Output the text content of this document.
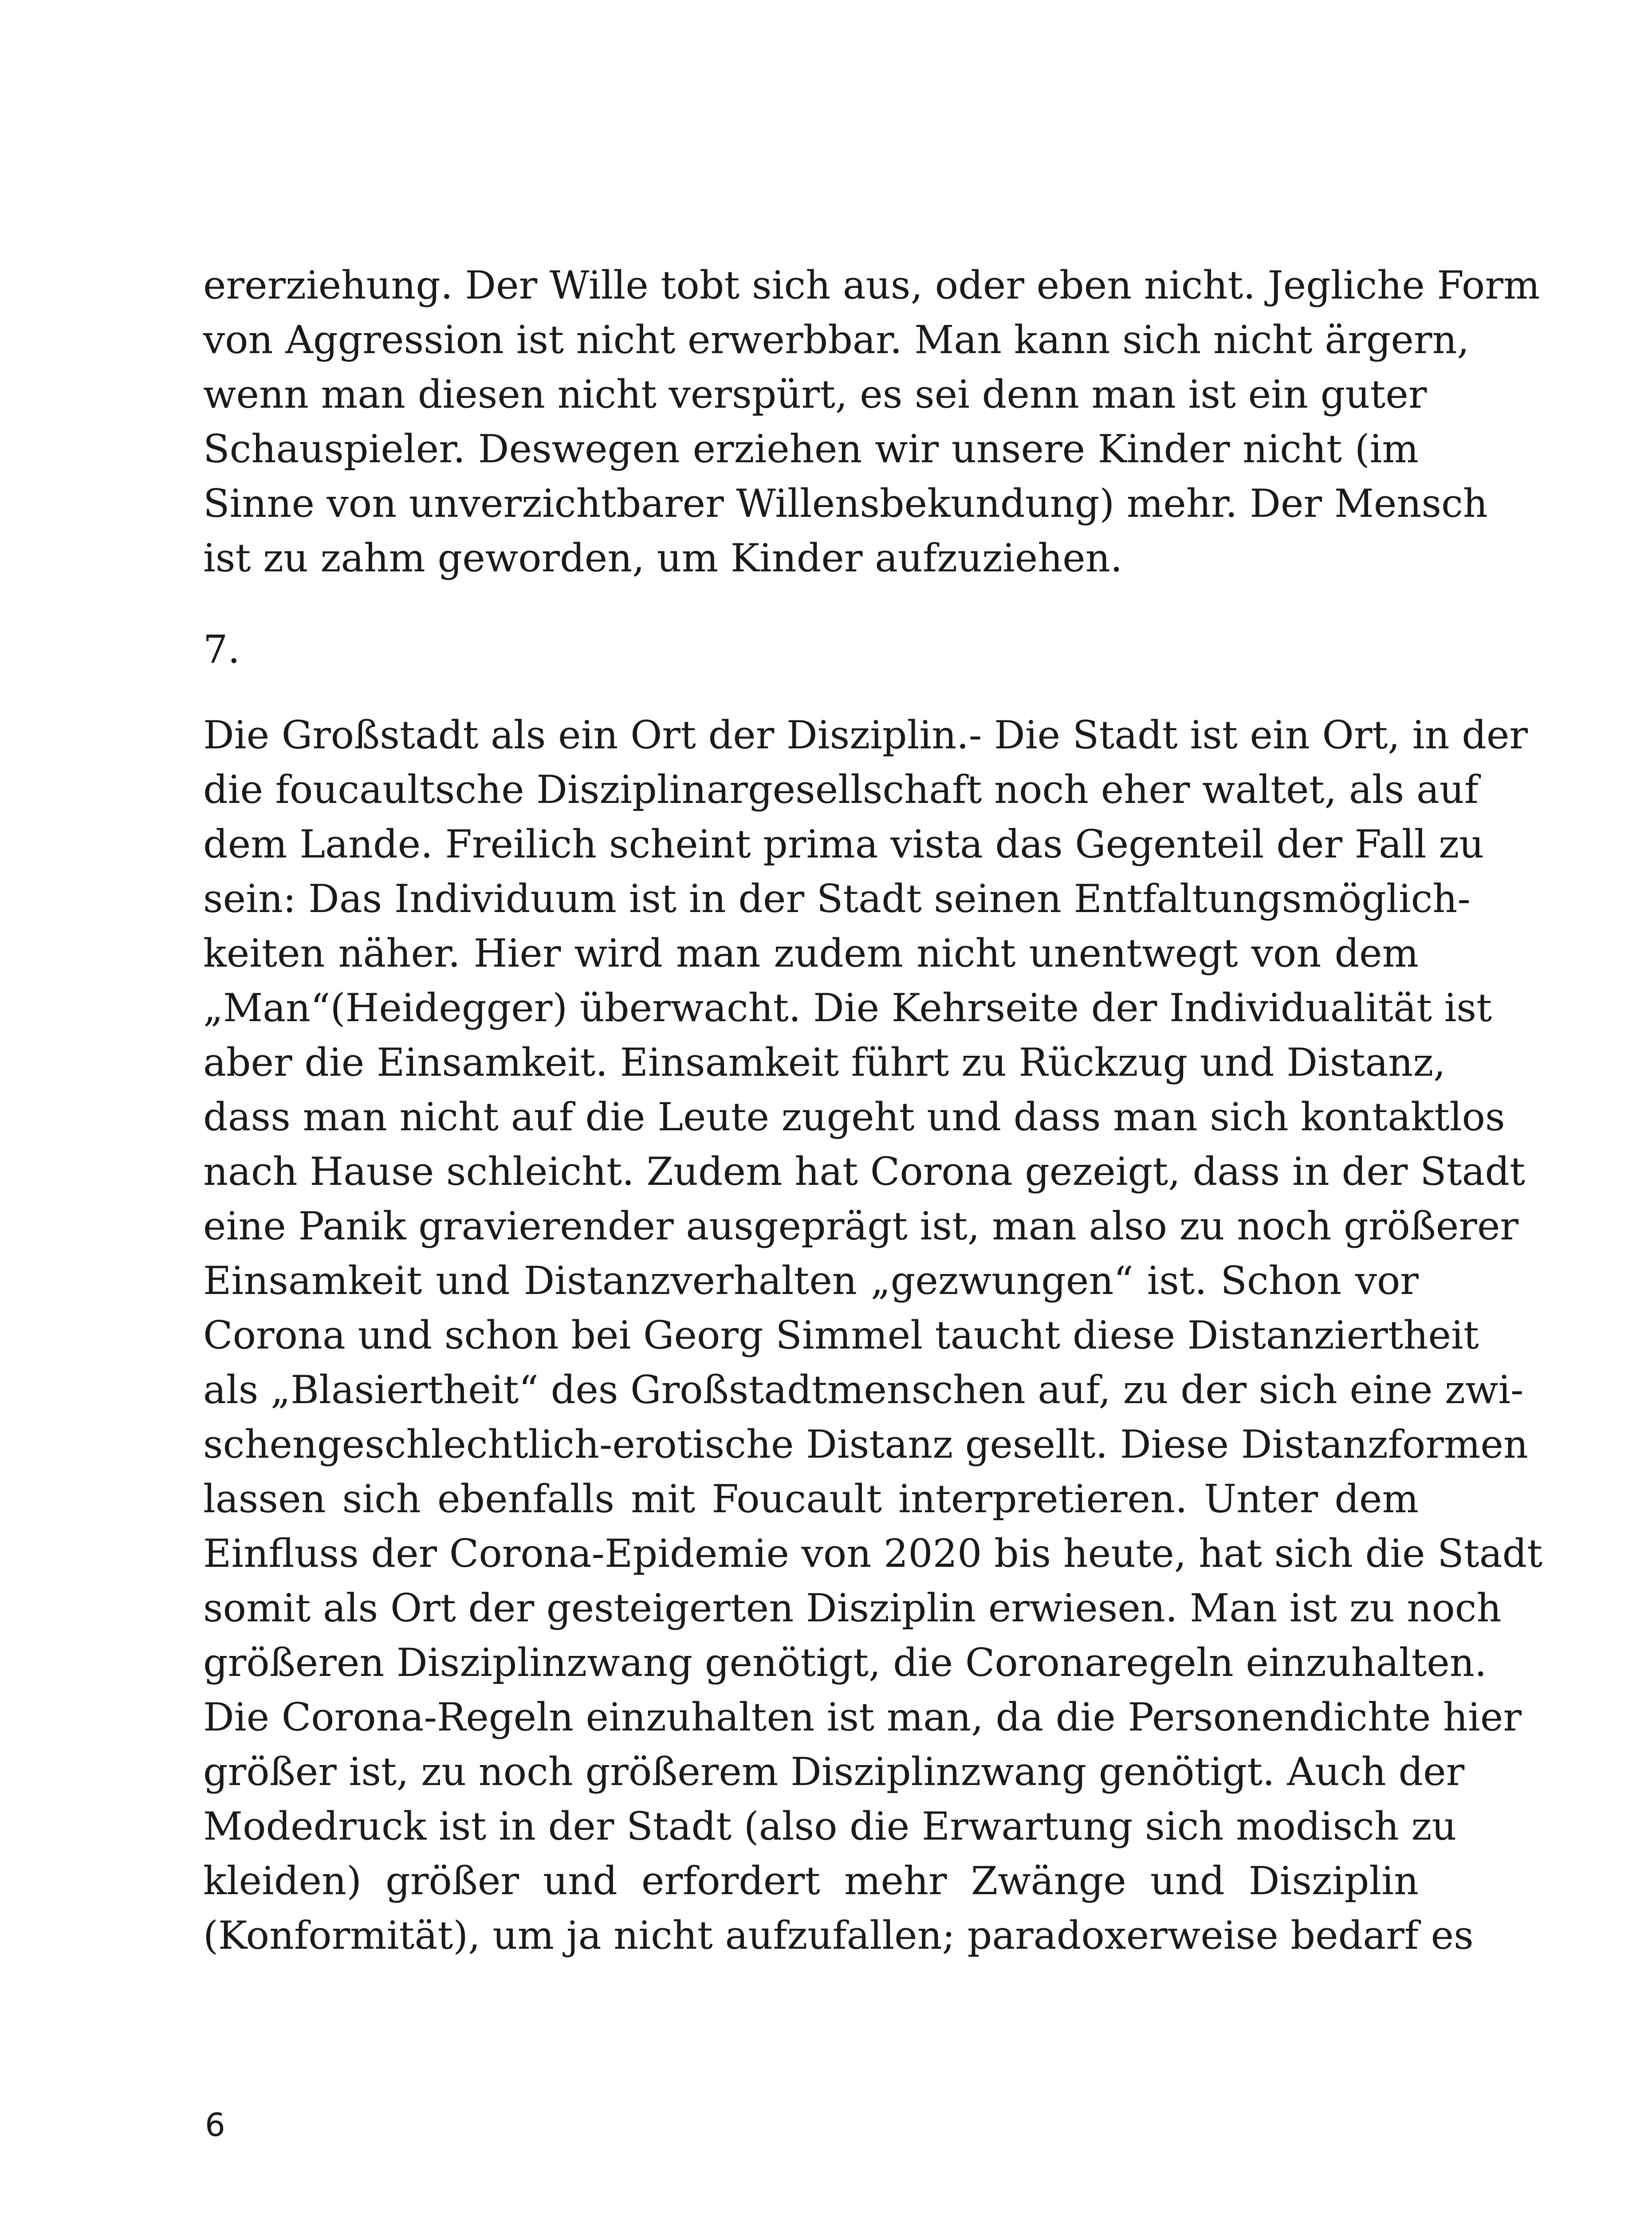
ererziehung. Der Wille tobt sich aus, oder eben nicht. Jegliche Form
von Aggression ist nicht erwerbbar. Man kann sich nicht ärgern,
wenn man diesen nicht verspürt, es sei denn man ist ein guter
Schauspieler. Deswegen erziehen wir unsere Kinder nicht (im
Sinne von unverzichtbarer Willensbekundung) mehr. Der Mensch
ist zu zahm geworden, um Kinder aufzuziehen.
7.
Die Großstadt als ein Ort der Disziplin.- Die Stadt ist ein Ort, in der
die foucaultsche Disziplinargesellschaft noch eher waltet, als auf
dem Lande. Freilich scheint prima vista das Gegenteil der Fall zu
sein: Das Individuum ist in der Stadt seinen Entfaltungsmöglich-
keiten näher. Hier wird man zudem nicht unentwegt von dem
„Man“(Heidegger) überwacht. Die Kehrseite der Individualität ist
aber die Einsamkeit. Einsamkeit führt zu Rückzug und Distanz,
dass man nicht auf die Leute zugeht und dass man sich kontaktlos
nach Hause schleicht. Zudem hat Corona gezeigt, dass in der Stadt
eine Panik gravierender ausgeprägt ist, man also zu noch größerer
Einsamkeit und Distanzverhalten „gezwungen“ ist. Schon vor
Corona und schon bei Georg Simmel taucht diese Distanziertheit
als „Blasiertheit“ des Großstadtmenschen auf, zu der sich eine zwi-
schengeschlechtlich-erotische Distanz gesellt. Diese Distanzformen
lassen sich ebenfalls mit Foucault interpretieren. Unter dem
Einfluss der Corona-Epidemie von 2020 bis heute, hat sich die Stadt
somit als Ort der gesteigerten Disziplin erwiesen. Man ist zu noch
größeren Disziplinzwang genötigt, die Coronaregeln einzuhalten.
Die Corona-Regeln einzuhalten ist man, da die Personendichte hier
größer ist, zu noch größerem Disziplinzwang genötigt. Auch der
Modedruck ist in der Stadt (also die Erwartung sich modisch zu
kleiden) größer und erfordert mehr Zwänge und Disziplin
(Konformität), um ja nicht aufzufallen; paradoxerweise bedarf es
6
